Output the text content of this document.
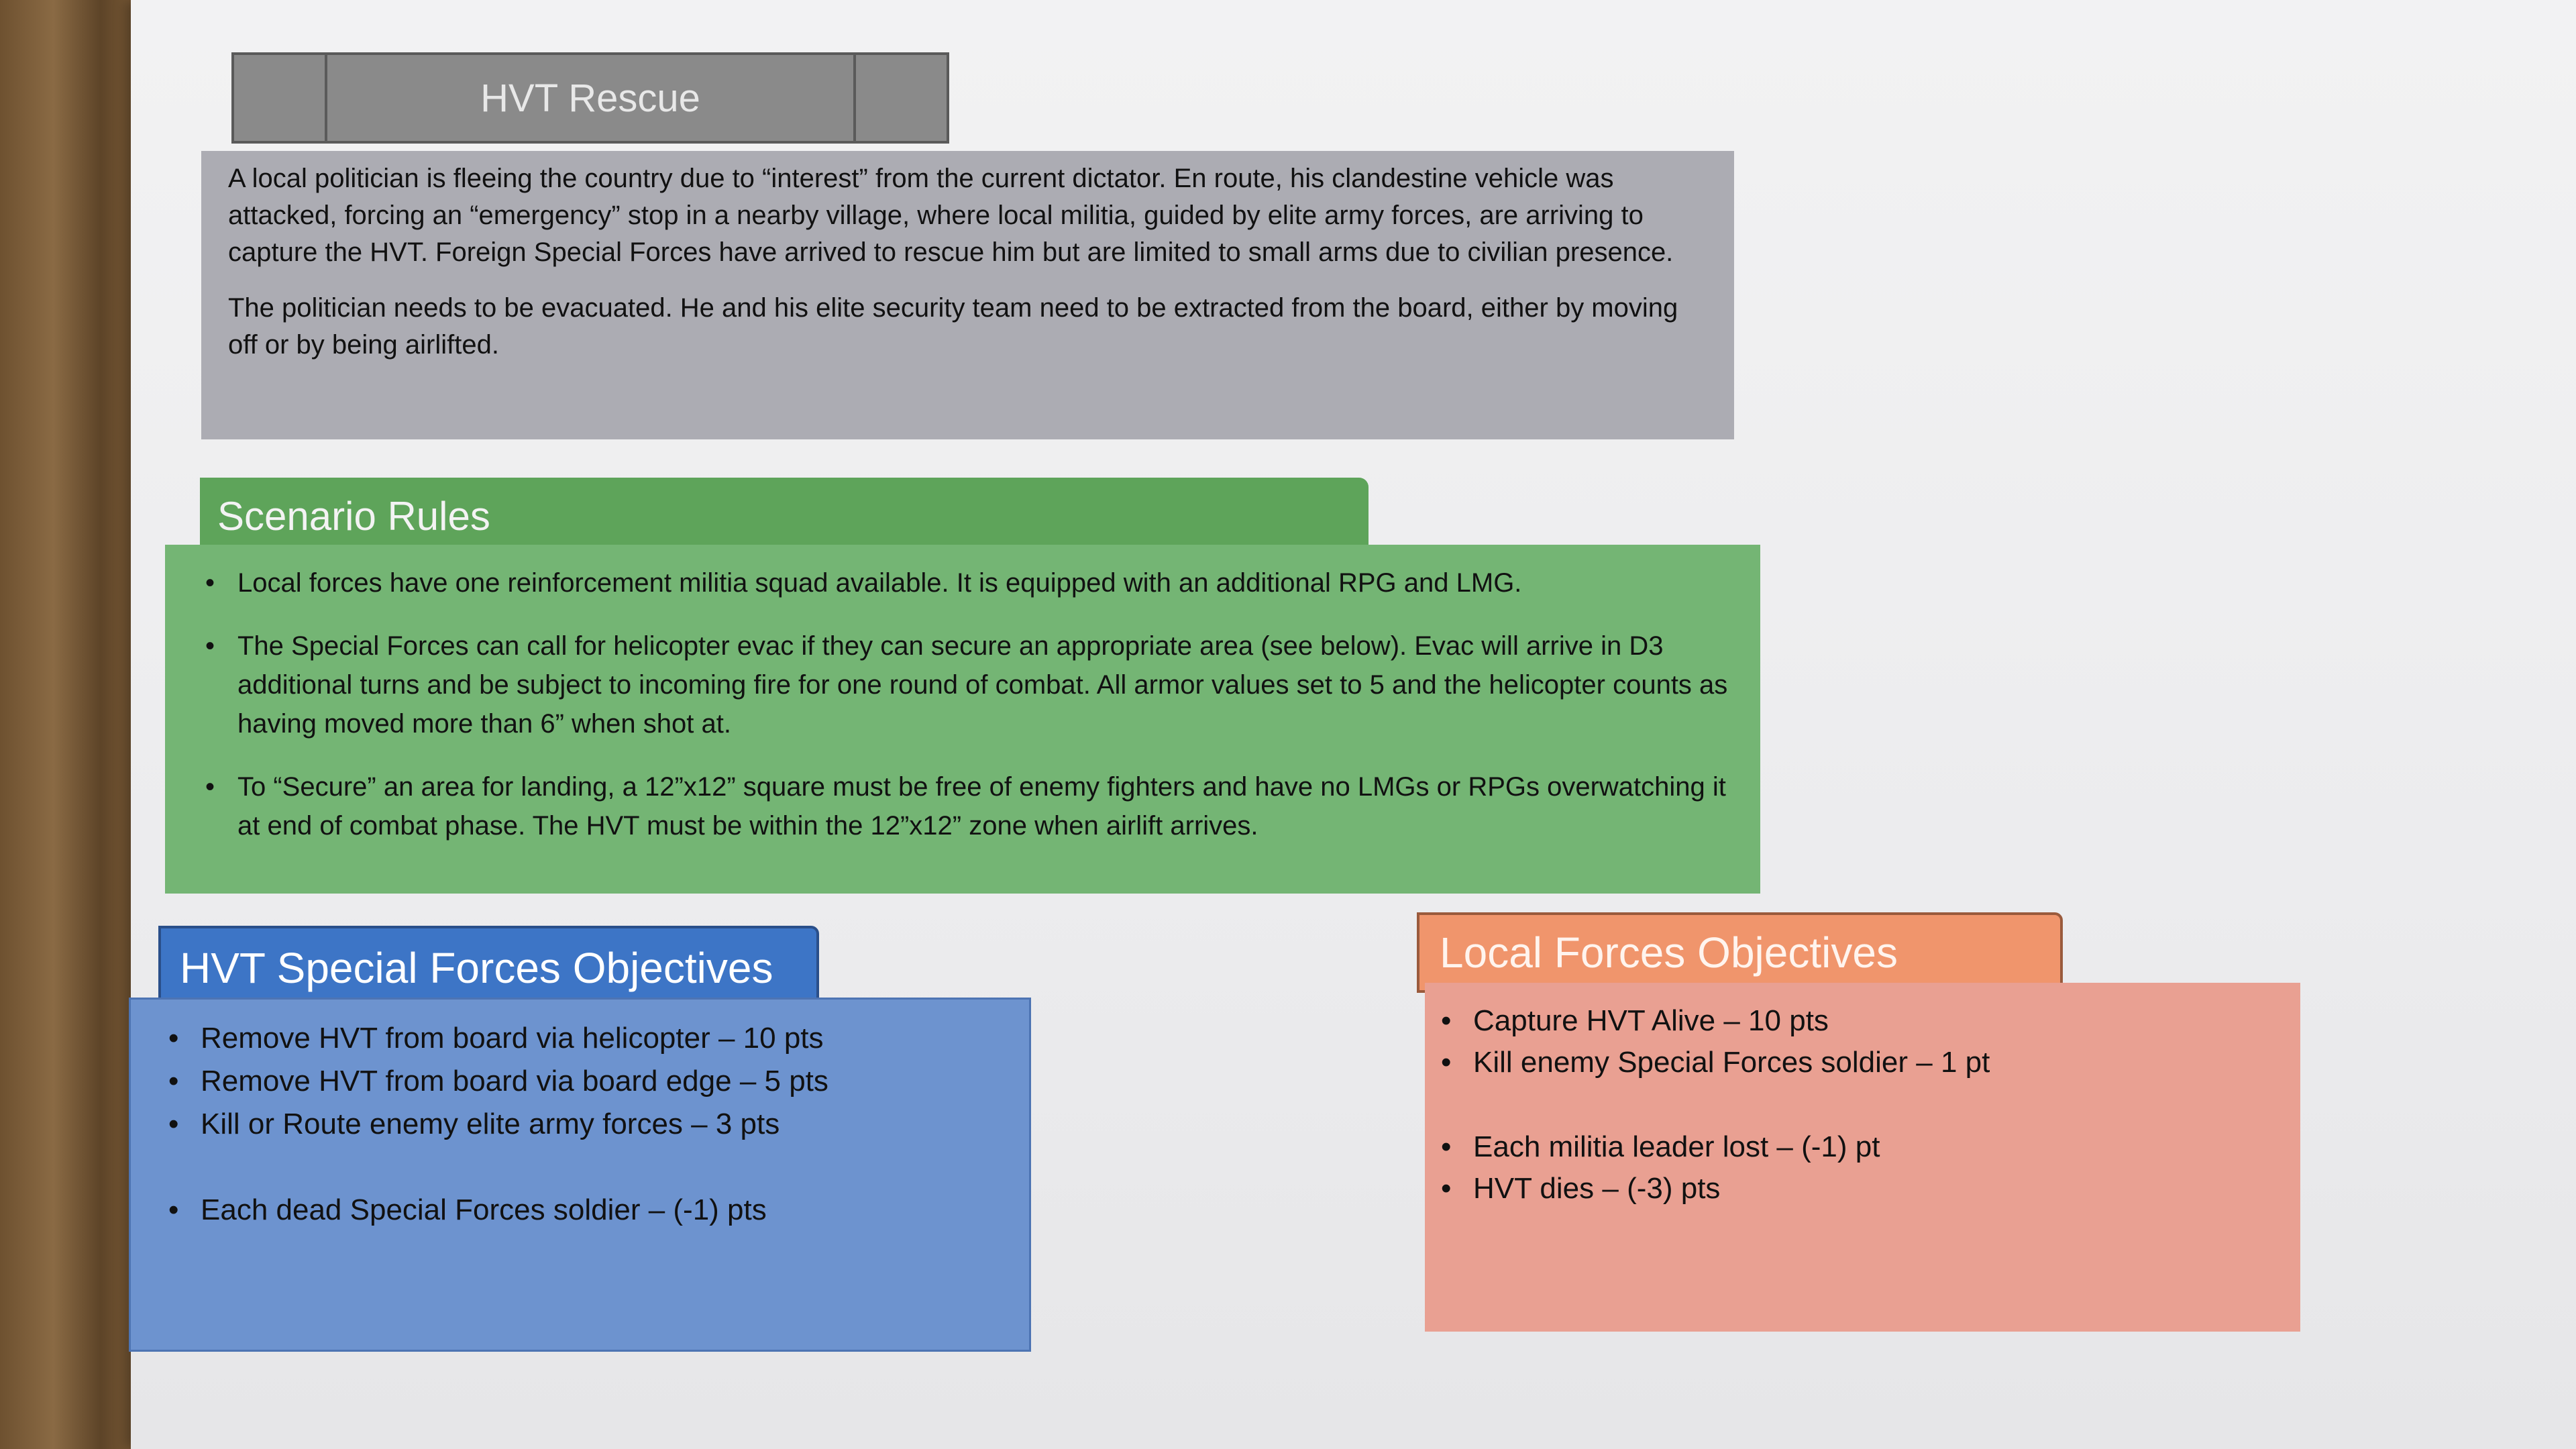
HVT Rescue

A local politician is fleeing the country due to “interest” from the current dictator. En route, his clandestine vehicle was attacked, forcing an “emergency” stop in a nearby village, where local militia, guided by elite army forces, are arriving to capture the HVT. Foreign Special Forces have arrived to rescue him but are limited to small arms due to civilian presence.

The politician needs to be evacuated. He and his elite security team need to be extracted from the board, either by moving off or by being airlifted.

Scenario Rules
• Local forces have one reinforcement militia squad available. It is equipped with an additional RPG and LMG.
• The Special Forces can call for helicopter evac if they can secure an appropriate area (see below). Evac will arrive in D3 additional turns and be subject to incoming fire for one round of combat. All armor values set to 5 and the helicopter counts as having moved more than 6” when shot at.
• To “Secure” an area for landing, a 12”x12” square must be free of enemy fighters and have no LMGs or RPGs overwatching it at end of combat phase. The HVT must be within the 12”x12” zone when airlift arrives.
HVT Special Forces Objectives
• Remove HVT from board via helicopter – 10 pts
• Remove HVT from board via board edge – 5 pts
• Kill or Route enemy elite army forces – 3 pts
• Each dead Special Forces soldier – (-1) pts
Local Forces Objectives
• Capture HVT Alive – 10 pts
• Kill enemy Special Forces soldier – 1 pt
• Each militia leader lost – (-1) pt
• HVT dies – (-3) pts
